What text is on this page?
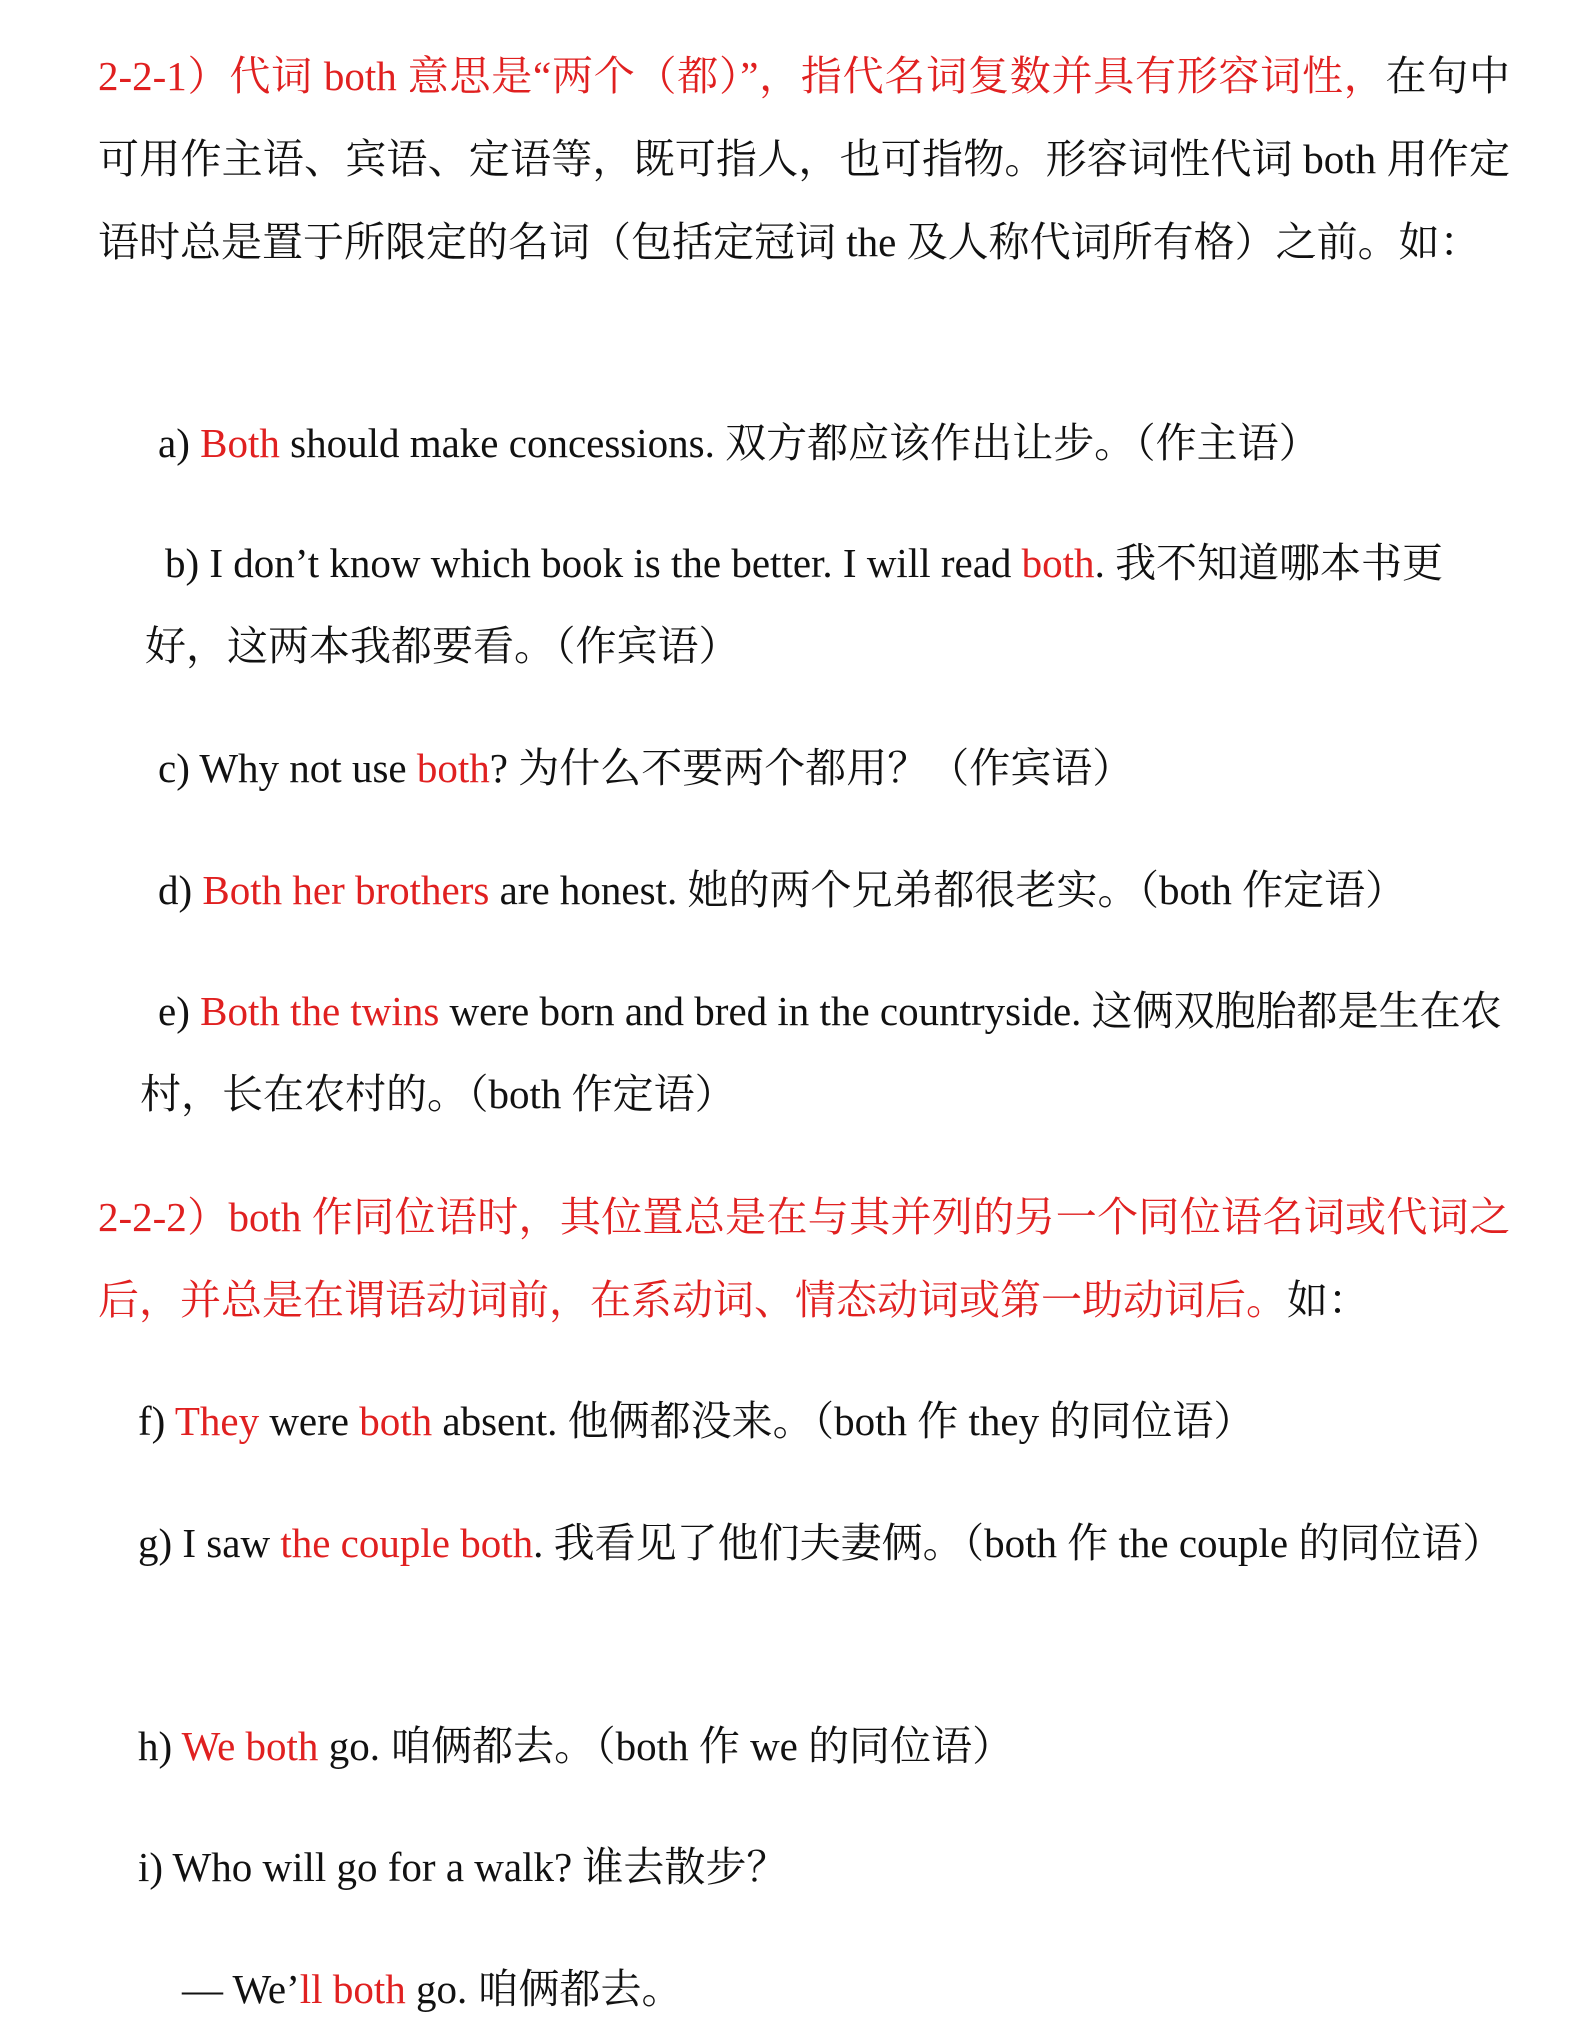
2-2-1）代词 both 意思是“两个（都）”，指代名词复数并具有形容词性，在句中可用作主语、宾语、定语等，既可指人，也可指物。形容词性代词 both 用作定语时总是置于所限定的名词（包括定冠词 the 及人称代词所有格）之前。如：

a) Both should make concessions. 双方都应该作出让步。（作主语）

b) I don’t know which book is the better. I will read both. 我不知道哪本书更好，这两本我都要看。（作宾语）

c) Why not use both? 为什么不要两个都用？（作宾语）

d) Both her brothers are honest. 她的两个兄弟都很老实。（both 作定语）

e) Both the twins were born and bred in the countryside. 这俩双胞胎都是生在农村，长在农村的。（both 作定语）

2-2-2）both 作同位语时，其位置总是在与其并列的另一个同位语名词或代词之后，并总是在谓语动词前，在系动词、情态动词或第一助动词后。如：

f) They were both absent. 他俩都没来。（both 作 they 的同位语）

g) I saw the couple both. 我看见了他们夫妻俩。（both 作 the couple 的同位语）

h) We both go. 咱俩都去。（both 作 we 的同位语）

i) Who will go for a walk? 谁去散步？

— We’ll both go. 咱俩都去。
